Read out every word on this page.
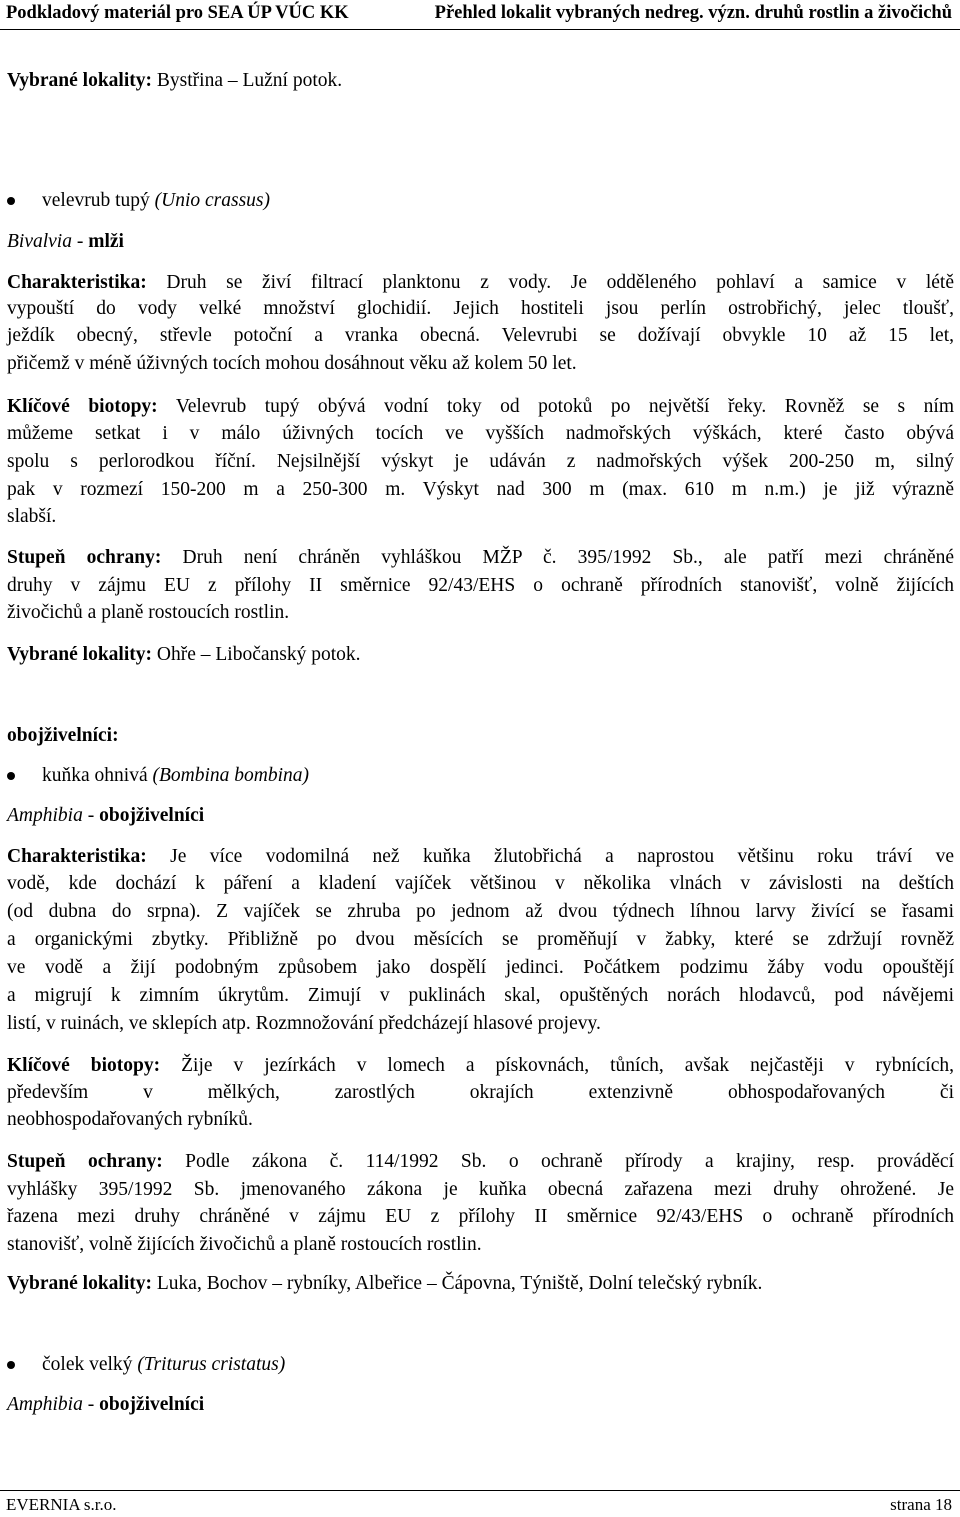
Podkladový materiál pro SEA ÚP VÚC KK	Přehled lokalit vybraných nedreg. význ. druhů rostlin a živočichů
Vybrané lokality: Bystřina – Lužní potok.
velevrub tupý (Unio crassus)
Bivalvia - mlži
Charakteristika: Druh se živí filtrací planktonu z vody. Je odděleného pohlaví a samice v létě
vypouští do vody velké množství glochidií. Jejich hostiteli jsou perlín ostrobřichý, jelec tloušť,
ježdík obecný, střevle potoční a vranka obecná. Velevrubi se dožívají obvykle 10 až 15 let,
přičemž v méně úživných tocích mohou dosáhnout věku až kolem 50 let.
Klíčové biotopy: Velevrub tupý obývá vodní toky od potoků po největší řeky. Rovněž se s ním
můžeme setkat i v málo úživných tocích ve vyšších nadmořských výškách, které často obývá
spolu s perlorodkou říční. Nejsilnější výskyt je udáván z nadmořských výšek 200-250 m, silný
pak v rozmezí 150-200 m a 250-300 m. Výskyt nad 300 m (max. 610 m n.m.) je již výrazně
slabší.
Stupeň ochrany: Druh není chráněn vyhláškou MŽP č. 395/1992 Sb., ale patří mezi chráněné
druhy v zájmu EU z přílohy II směrnice 92/43/EHS o ochraně přírodních stanovišť, volně žijících
živočichů a planě rostoucích rostlin.
Vybrané lokality: Ohře – Libočanský potok.
obojživelníci:
kuňka ohnivá (Bombina bombina)
Amphibia - obojživelníci
Charakteristika: Je více vodomilná než kuňka žlutobřichá a naprostou většinu roku tráví ve
vodě, kde dochází k páření a kladení vajíček většinou v několika vlnách v závislosti na deštích
(od dubna do srpna). Z vajíček se zhruba po jednom až dvou týdnech líhnou larvy živící se řasami
a organickými zbytky. Přibližně po dvou měsících se proměňují v žabky, které se zdržují rovněž
ve vodě a žijí podobným způsobem jako dospělí jedinci. Počátkem podzimu žáby vodu opouštějí
a migrují k zimním úkrytům. Zimují v puklinách skal, opuštěných norách hlodavců, pod návějemi
listí, v ruinách, ve sklepích atp. Rozmnožování předcházejí hlasové projevy.
Klíčové biotopy: Žije v jezírkách v lomech a pískovnách, tůních, avšak nejčastěji v rybnících,
především v mělkých, zarostlých okrajích extenzivně obhospodařovaných či
neobhospodařovaných rybníků.
Stupeň ochrany: Podle zákona č. 114/1992 Sb. o ochraně přírody a krajiny, resp. prováděcí
vyhlášky 395/1992 Sb. jmenovaného zákona je kuňka obecná zařazena mezi druhy ohrožené. Je
řazena mezi druhy chráněné v zájmu EU z přílohy II směrnice 92/43/EHS o ochraně přírodních
stanovišť, volně žijících živočichů a planě rostoucích rostlin.
Vybrané lokality: Luka, Bochov – rybníky, Albeřice – Čápovna, Týniště, Dolní telečský rybník.
čolek velký (Triturus cristatus)
Amphibia - obojživelníci
EVERNIA s.r.o.	strana 18
